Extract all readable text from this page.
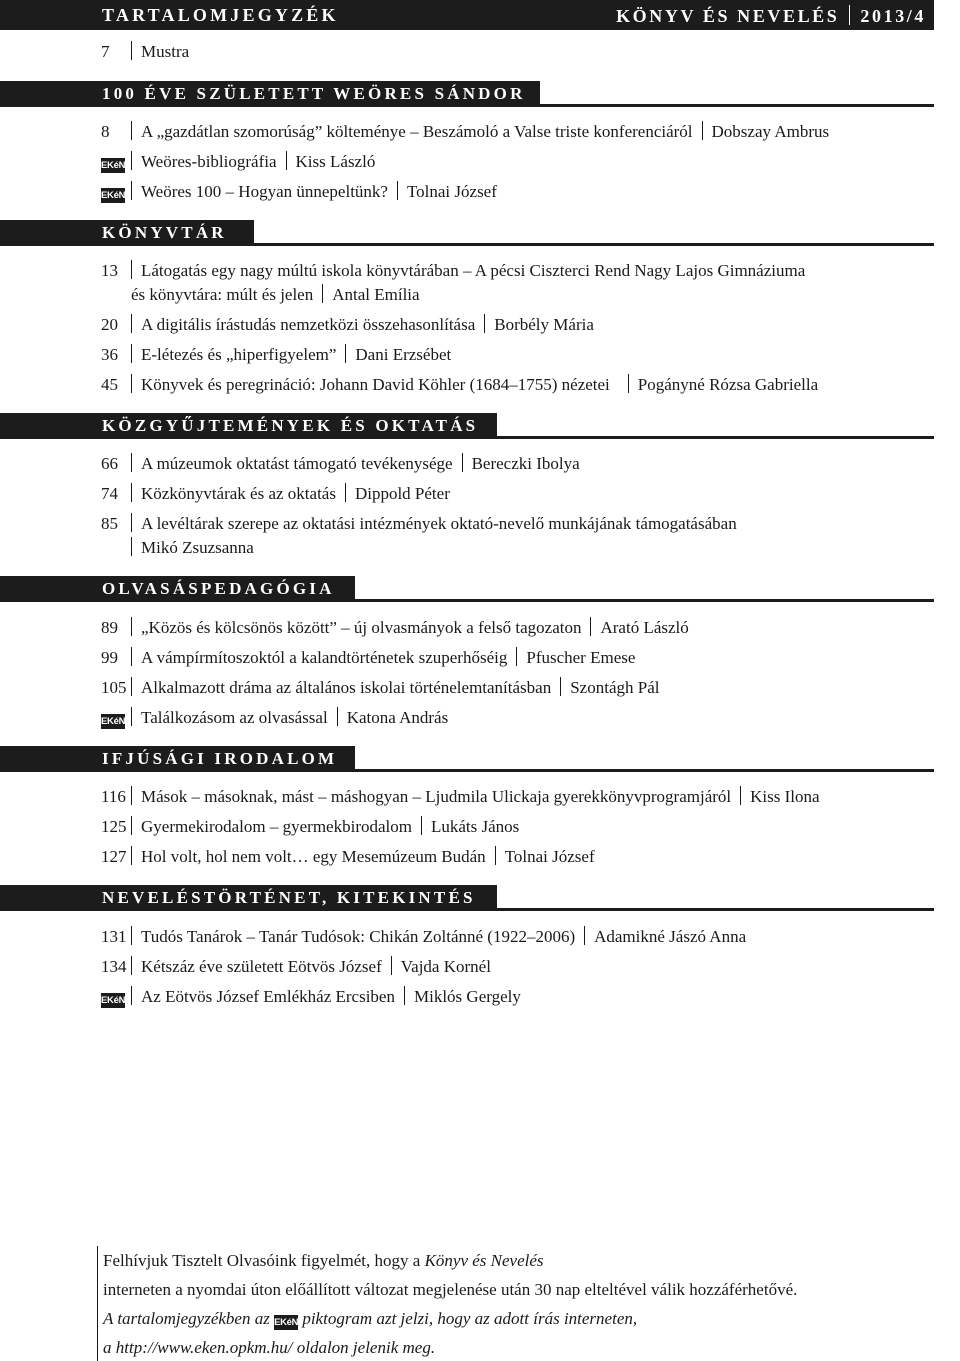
TARTALOMJEGYZÉK	KÖNYV ÉS NEVELÉS 2013/4
7 Mustra
100 ÉVE SZÜLETETT WEÖRES SÁNDOR
8 A „gazdátlan szomorúság” költeménye – Beszámoló a Valse triste konferenciáról Dobszay Ambrus
EKéN Weöres-bibliográfia Kiss László
EKéN Weöres 100 – Hogyan ünnepeltünk? Tolnai József
KÖNYVTÁR
13 Látogatás egy nagy múltú iskola könyvtárában – A pécsi Ciszterci Rend Nagy Lajos Gimnáziuma
és könyvtára: múlt és jelen Antal Emília
20 A digitális írástudás nemzetközi összehasonlítása Borbély Mária
36 E-létezés és „hiperfigyelem” Dani Erzsébet
45 Könyvek és peregrináció: Johann David Köhler (1684–1755) nézetei Pogányné Rózsa Gabriella
KÖZGYŰJTEMÉNYEK ÉS OKTATÁS
66 A múzeumok oktatást támogató tevékenysége Bereczki Ibolya
74 Közkönyvtárak és az oktatás Dippold Péter
85 A levéltárak szerepe az oktatási intézmények oktató-nevelő munkájának támogatásában
Mikó Zsuzsanna
OLVASÁSPEDAGÓGIA
89 „Közös és kölcsönös között” – új olvasmányok a felső tagozaton Arató László
99 A vámpírmítoszoktól a kalandtörténetek szuperhőséig Pfuscher Emese
105 Alkalmazott dráma az általános iskolai történelemtanításban Szontágh Pál
EKéN Találkozásom az olvasással Katona András
IFJÚSÁGI IRODALOM
116 Mások – másoknak, mást – máshogyan – Ljudmila Ulickaja gyerekkönyvprogramjáról Kiss Ilona
125 Gyermekirodalom – gyermekbirodalom Lukáts János
127 Hol volt, hol nem volt… egy Mesemúzeum Budán Tolnai József
NEVELÉSTÖRTÉNET, KITEKINTÉS
131 Tudós Tanárok – Tanár Tudósok: Chikán Zoltánné (1922–2006) Adamikné Jászó Anna
134 Kétszáz éve született Eötvös József Vajda Kornél
EKéN Az Eötvös József Emlékház Ercsiben Miklós Gergely
Felhívjuk Tisztelt Olvasóink figyelmét, hogy a Könyv és Nevelés
interneten a nyomdai úton előállított változat megjelenése után 30 nap elteltével válik hozzáférhetővé.
A tartalomjegyzékben az EKéN piktogram azt jelzi, hogy az adott írás interneten,
a http://www.eken.opkm.hu/ oldalon jelenik meg.
